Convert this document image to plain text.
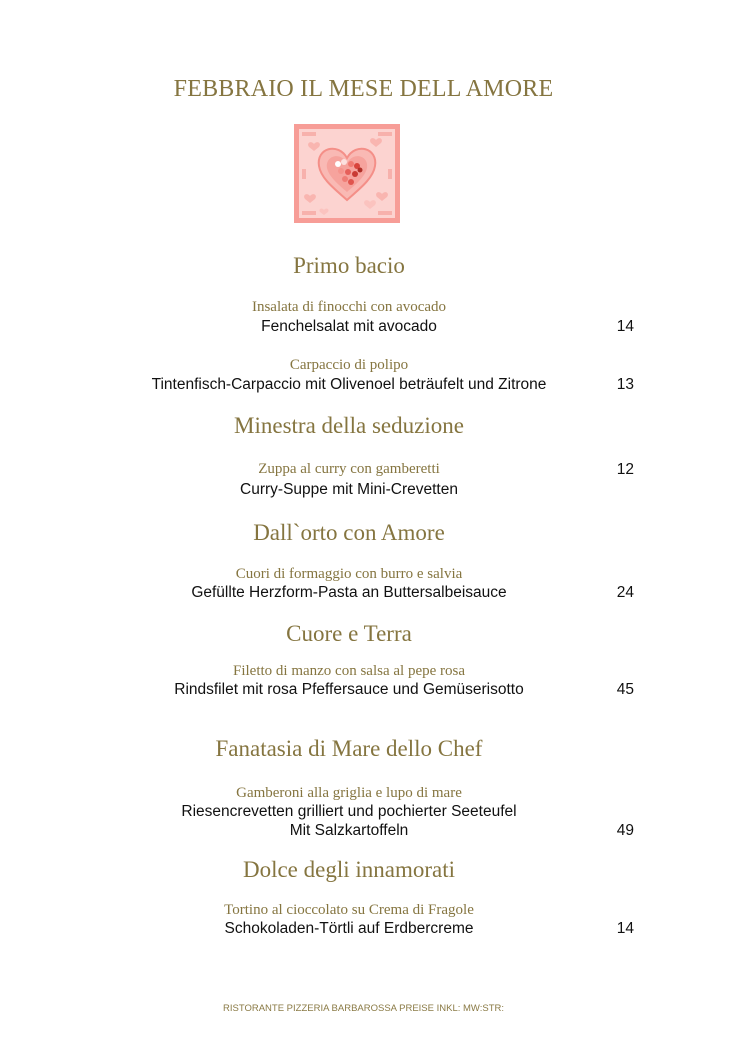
FEBBRAIO IL MESE DELL AMORE
Primo bacio
Insalata di finocchi con avocado
Fenchelsalat mit avocado	14
Carpaccio di polipo
Tintenfisch-Carpaccio mit Olivenoel beträufelt und Zitrone	13
Minestra della seduzione
Zuppa al curry con gamberetti	12
Curry-Suppe mit Mini-Crevetten
Dall`orto con Amore
Cuori di formaggio con burro e salvia
Gefüllte Herzform-Pasta an Buttersalbeisauce	24
Cuore e Terra
Filetto di manzo con salsa al pepe rosa
Rindsfilet mit rosa Pfeffersauce und Gemüserisotto	45
Fanatasia di Mare dello Chef
Gamberoni alla griglia e lupo di mare
Riesencrevetten grilliert und pochierter Seeteufel
Mit Salzkartoffeln	49
Dolce degli innamorati
Tortino al cioccolato su Crema di Fragole
Schokoladen-Törtli auf Erdbercreme	14
RISTORANTE PIZZERIA BARBAROSSA PREISE INKL: MW:STR:
